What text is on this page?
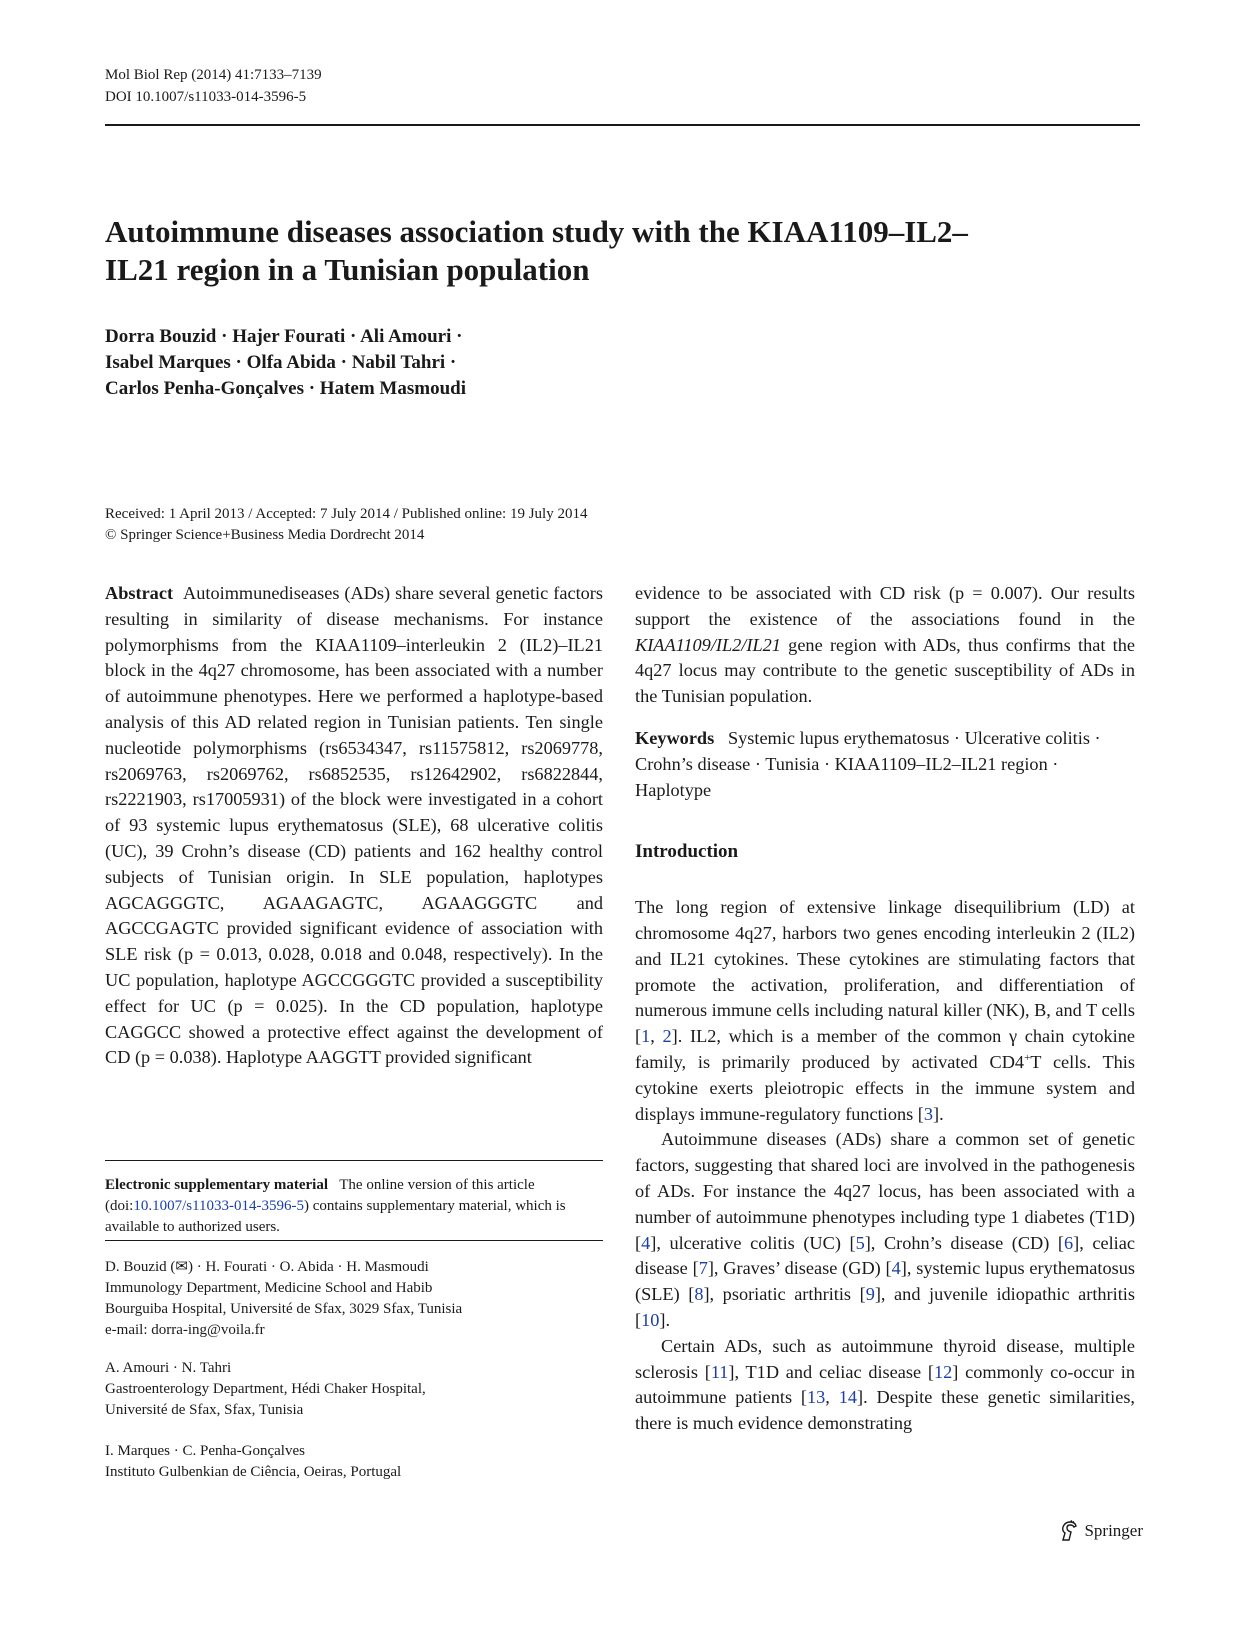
Mol Biol Rep (2014) 41:7133–7139
DOI 10.1007/s11033-014-3596-5
Autoimmune diseases association study with the KIAA1109–IL2–
IL21 region in a Tunisian population
Dorra Bouzid · Hajer Fourati · Ali Amouri ·
Isabel Marques · Olfa Abida · Nabil Tahri ·
Carlos Penha-Gonçalves · Hatem Masmoudi
Received: 1 April 2013 / Accepted: 7 July 2014 / Published online: 19 July 2014
© Springer Science+Business Media Dordrecht 2014

Abstract Autoimmunediseases (ADs) share several genetic factors resulting in similarity of disease mechanisms. For instance polymorphisms from the KIAA1109–interleukin 2 (IL2)–IL21 block in the 4q27 chromosome, has been associated with a number of autoimmune phenotypes. Here we performed a haplotype-based analysis of this AD related region in Tunisian patients. Ten single nucleotide polymorphisms (rs6534347, rs11575812, rs2069778, rs2069763, rs2069762, rs6852535, rs12642902, rs6822844, rs2221903, rs17005931) of the block were investigated in a cohort of 93 systemic lupus erythematosus (SLE), 68 ulcerative colitis (UC), 39 Crohn’s disease (CD) patients and 162 healthy control subjects of Tunisian origin. In SLE population, haplotypes AGCAGGGTC, AGAAGAGTC, AGAAGGGTC and AGCCGAGTC provided significant evidence of association with SLE risk (p = 0.013, 0.028, 0.018 and 0.048, respectively). In the UC population, haplotype AGCCGGGTC provided a susceptibility effect for UC (p = 0.025). In the CD population, haplotype CAGGCC showed a protective effect against the development of CD (p = 0.038). Haplotype AAGGTT provided significant

Electronic supplementary material The online version of this article (doi:10.1007/s11033-014-3596-5) contains supplementary material, which is available to authorized users.
D. Bouzid (✉) · H. Fourati · O. Abida · H. Masmoudi
Immunology Department, Medicine School and Habib
Bourguiba Hospital, Université de Sfax, 3029 Sfax, Tunisia
e-mail: dorra-ing@voila.fr
A. Amouri · N. Tahri
Gastroenterology Department, Hédi Chaker Hospital,
Université de Sfax, Sfax, Tunisia
I. Marques · C. Penha-Gonçalves
Instituto Gulbenkian de Ciência, Oeiras, Portugal

evidence to be associated with CD risk (p = 0.007). Our results support the existence of the associations found in the KIAA1109/IL2/IL21 gene region with ADs, thus confirms that the 4q27 locus may contribute to the genetic susceptibility of ADs in the Tunisian population.

Keywords Systemic lupus erythematosus · Ulcerative colitis · Crohn’s disease · Tunisia · KIAA1109–IL2–IL21 region · Haplotype

Introduction

The long region of extensive linkage disequilibrium (LD) at chromosome 4q27, harbors two genes encoding interleukin 2 (IL2) and IL21 cytokines. These cytokines are stimulating factors that promote the activation, proliferation, and differentiation of numerous immune cells including natural killer (NK), B, and T cells [1, 2]. IL2, which is a member of the common γ chain cytokine family, is primarily produced by activated CD4+T cells. This cytokine exerts pleiotropic effects in the immune system and displays immune-regulatory functions [3].

Autoimmune diseases (ADs) share a common set of genetic factors, suggesting that shared loci are involved in the pathogenesis of ADs. For instance the 4q27 locus, has been associated with a number of autoimmune phenotypes including type 1 diabetes (T1D) [4], ulcerative colitis (UC) [5], Crohn’s disease (CD) [6], celiac disease [7], Graves’ disease (GD) [4], systemic lupus erythematosus (SLE) [8], psoriatic arthritis [9], and juvenile idiopathic arthritis [10].

Certain ADs, such as autoimmune thyroid disease, multiple sclerosis [11], T1D and celiac disease [12] commonly co-occur in autoimmune patients [13, 14]. Despite these genetic similarities, there is much evidence demonstrating

Springer
